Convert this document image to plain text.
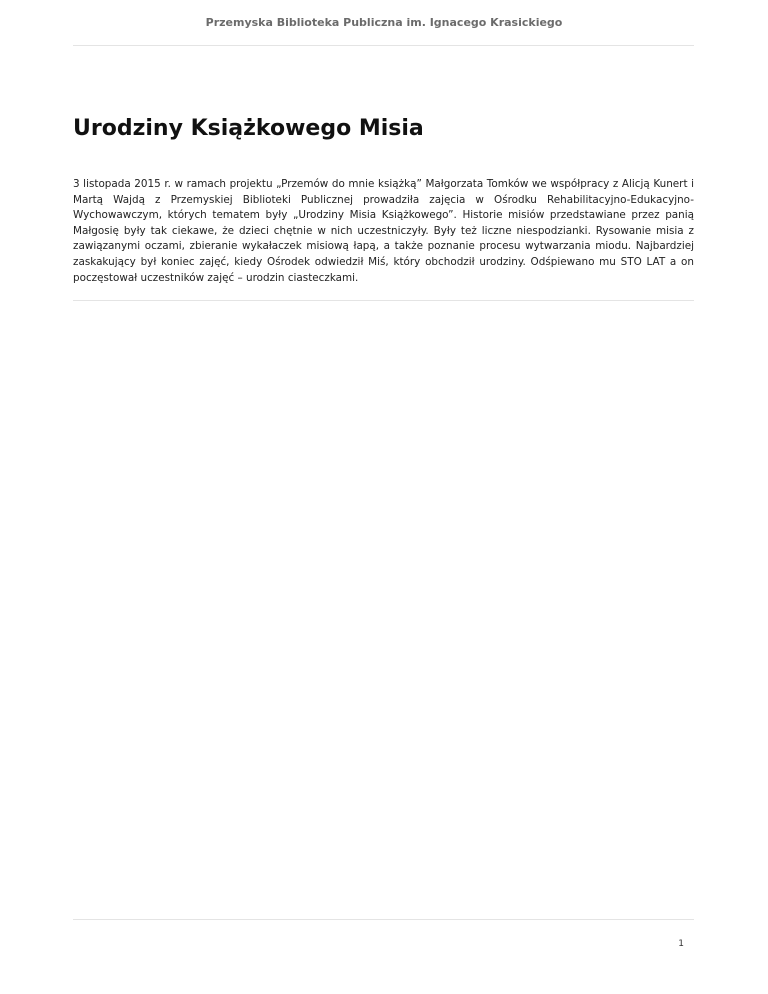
Przemyska Biblioteka Publiczna im. Ignacego Krasickiego
Urodziny Książkowego Misia

3 listopada 2015 r. w ramach projektu „Przemów do mnie książką” Małgorzata Tomków we współpracy z Alicją Kunert i Martą Wajdą z Przemyskiej Biblioteki Publicznej prowadziła zajęcia w Ośrodku Rehabilitacyjno-Edukacyjno-Wychowawczym, których tematem były „Urodziny Misia Książkowego”. Historie misiów przedstawiane przez panią Małgosię były tak ciekawe, że dzieci chętnie w nich uczestniczyły. Były też liczne niespodzianki. Rysowanie misia z zawiązanymi oczami, zbieranie wykałaczek misiową łapą, a także poznanie procesu wytwarzania miodu. Najbardziej zaskakujący był koniec zajęć, kiedy Ośrodek odwiedził Miś, który obchodził urodziny. Odśpiewano mu STO LAT a on poczęstował uczestników zajęć – urodzin ciasteczkami.

1
